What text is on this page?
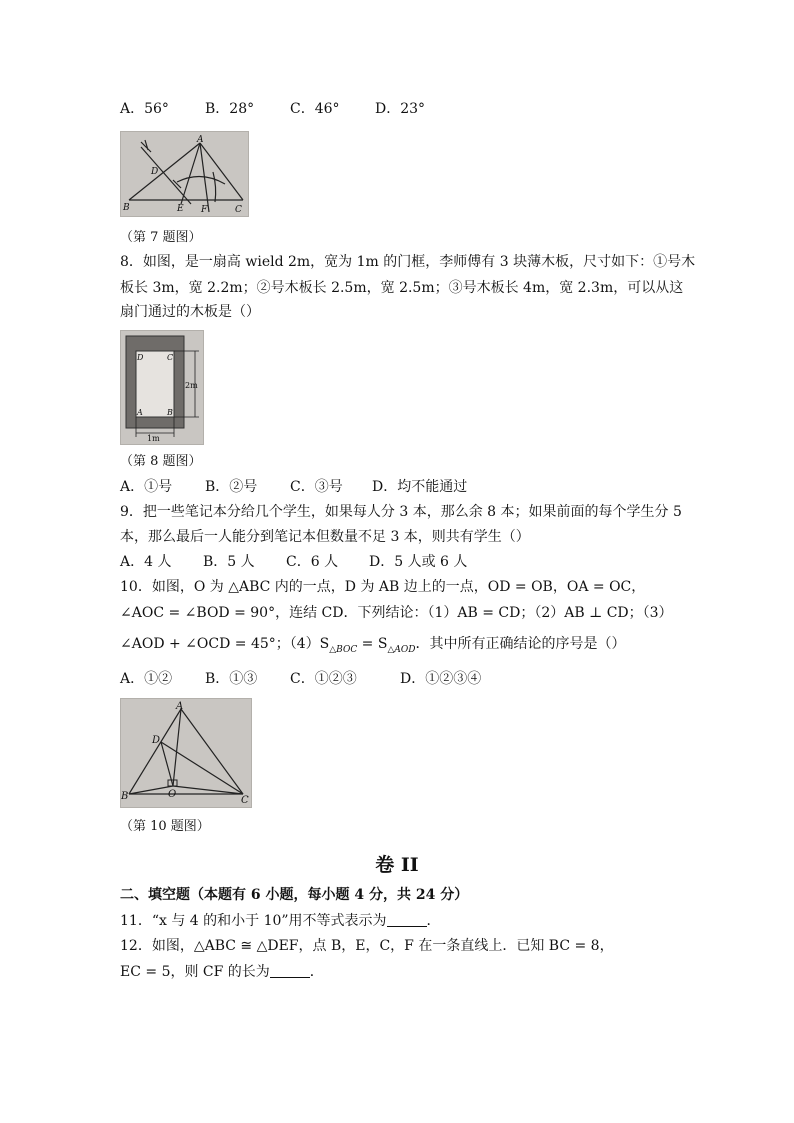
A．56°	B．28°	C．46°	D．23°
A
B	C
D
E F
（第 7 题图）
8．如图，是一扇高 wield 2m，宽为 1m 的门框，李师傅有 3 块薄木板，尺寸如下：①号木
板长 3m，宽 2.2m；②号木板长 2.5m，宽 2.5m；③号木板长 4m，宽 2.3m，可以从这
扇门通过的木板是（）
D	C
A	B
2m
1m
（第 8 题图）
A．①号 B．②号 C．③号 D．均不能通过
9．把一些笔记本分给几个学生，如果每人分 3 本，那么余 8 本；如果前面的每个学生分 5
本，那么最后一人能分到笔记本但数量不足 3 本，则共有学生（）
A．4 人 B．5 人 C．6 人 D．5 人或 6 人
10．如图，O 为 △ABC 内的一点，D 为 AB 边上的一点，OD = OB，OA = OC，
∠AOC = ∠BOD = 90°，连结 CD．下列结论：（1）AB = CD；（2）AB ⊥ CD；（3）
∠AOD + ∠OCD = 45°；$(4)S_{\triangle BOC} = S_{\triangle AOD}$．其中所有正确结论的序号是（）
A．①② B．①③ C．①②③	D．①②③④
A
D
B	O
C
（第 10 题图）
卷 II
二、填空题（本题有 6 小题，每小题 4 分，共 24 分）
11．“x 与 4 的和小于 10”用不等式表示为	．
12．如图，△ABC ≅ △DEF，点 B，E，C，F 在一条直线上．已知 BC = 8，
EC = 5，则 CF 的长为	．
